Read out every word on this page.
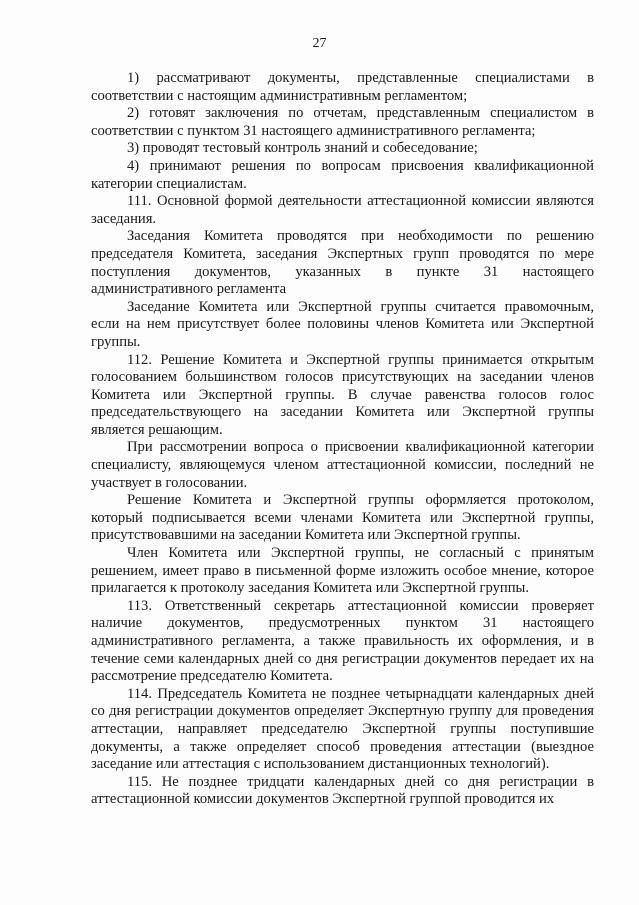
27

1) рассматривают документы, представленные специалистами в соответствии с настоящим административным регламентом;

2) готовят заключения по отчетам, представленным специалистом в соответствии с пунктом 31 настоящего административного регламента;

3) проводят тестовый контроль знаний и собеседование;

4) принимают решения по вопросам присвоения квалификационной категории специалистам.

111. Основной формой деятельности аттестационной комиссии являются заседания.

Заседания Комитета проводятся при необходимости по решению председателя Комитета, заседания Экспертных групп проводятся по мере поступления документов, указанных в пункте 31 настоящего административного регламента

Заседание Комитета или Экспертной группы считается правомочным, если на нем присутствует более половины членов Комитета или Экспертной группы.

112. Решение Комитета и Экспертной группы принимается открытым голосованием большинством голосов присутствующих на заседании членов Комитета или Экспертной группы. В случае равенства голосов голос председательствующего на заседании Комитета или Экспертной группы является решающим.

При рассмотрении вопроса о присвоении квалификационной категории специалисту, являющемуся членом аттестационной комиссии, последний не участвует в голосовании.

Решение Комитета и Экспертной группы оформляется протоколом, который подписывается всеми членами Комитета или Экспертной группы, присутствовавшими на заседании Комитета или Экспертной группы.

Член Комитета или Экспертной группы, не согласный с принятым решением, имеет право в письменной форме изложить особое мнение, которое прилагается к протоколу заседания Комитета или Экспертной группы.

113. Ответственный секретарь аттестационной комиссии проверяет наличие документов, предусмотренных пунктом 31 настоящего административного регламента, а также правильность их оформления, и в течение семи календарных дней со дня регистрации документов передает их на рассмотрение председателю Комитета.

114. Председатель Комитета не позднее четырнадцати календарных дней со дня регистрации документов определяет Экспертную группу для проведения аттестации, направляет председателю Экспертной группы поступившие документы, а также определяет способ проведения аттестации (выездное заседание или аттестация с использованием дистанционных технологий).

115. Не позднее тридцати календарных дней со дня регистрации в аттестационной комиссии документов Экспертной группой проводится их
